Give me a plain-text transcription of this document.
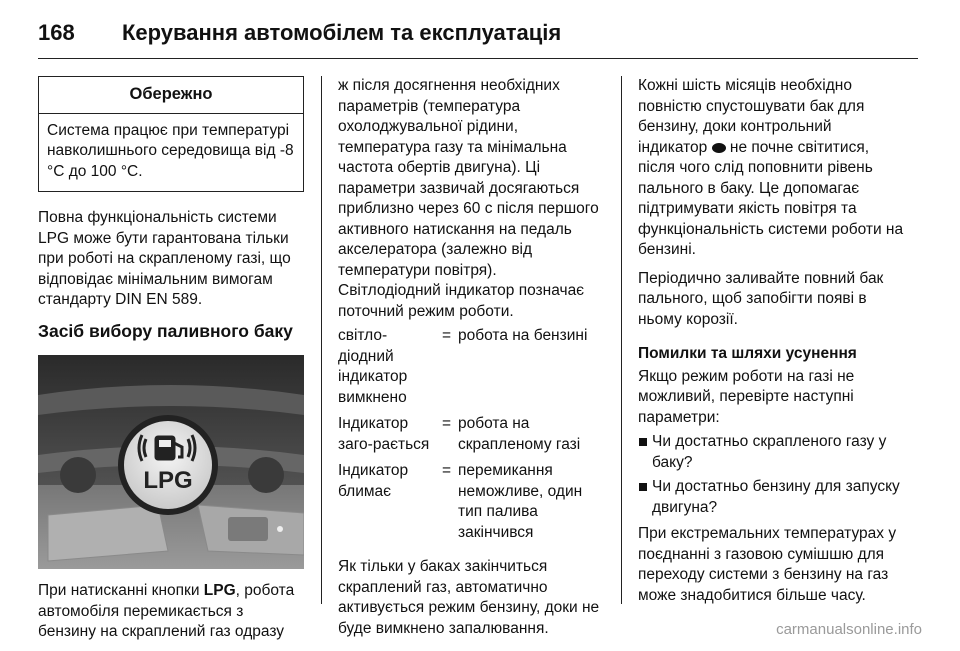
168 Керування автомобілем та експлуатація
Обережно
Система працює при температурі навколишнього середовища від -8 °C до 100 °C.

Повна функціональність системи LPG може бути гарантована тільки при роботі на скрапленому газі, що відповідає мінімальним вимогам стандарту DIN EN 589.

Засіб вибору паливного баку
LPG

При натисканні кнопки LPG, робота автомобіля перемикається з бензину на скраплений газ одразу

ж після досягнення необхідних параметрів (температура охолоджувальної рідини, температура газу та мінімальна частота обертів двигуна). Ці параметри зазвичай досягаються приблизно через 60 с після першого активного натискання на педаль акселератора (залежно від температури повітря).

Світлодіодний індикатор позначає поточний режим роботи.

світло-діодний індикатор вимкнено	=	робота на бензині
Індикатор заго-рається	=	робота на скрапленому газі
Індикатор блимає	=	перемикання неможливе, один тип палива закінчився

Як тільки у баках закінчиться скраплений газ, автоматично активується режим бензину, доки не буде вимкнено запалювання.

Кожні шість місяців необхідно повністю спустошувати бак для бензину, доки контрольний індикатор  не почне світитися, після чого слід поповнити рівень пального в баку. Це допомагає підтримувати якість повітря та функціональність системи роботи на бензині.

Періодично заливайте повний бак пального, щоб запобігти появі в ньому корозії.

Помилки та шляхи усунення

Якщо режим роботи на газі не можливий, перевірте наступні параметри:

Чи достатньо скрапленого газу у баку?
Чи достатньо бензину для запуску двигуна?

При екстремальних температурах у поєднанні з газовою сумішшю для переходу системи з бензину на газ може знадобитися більше часу.

carmanualsonline.info
